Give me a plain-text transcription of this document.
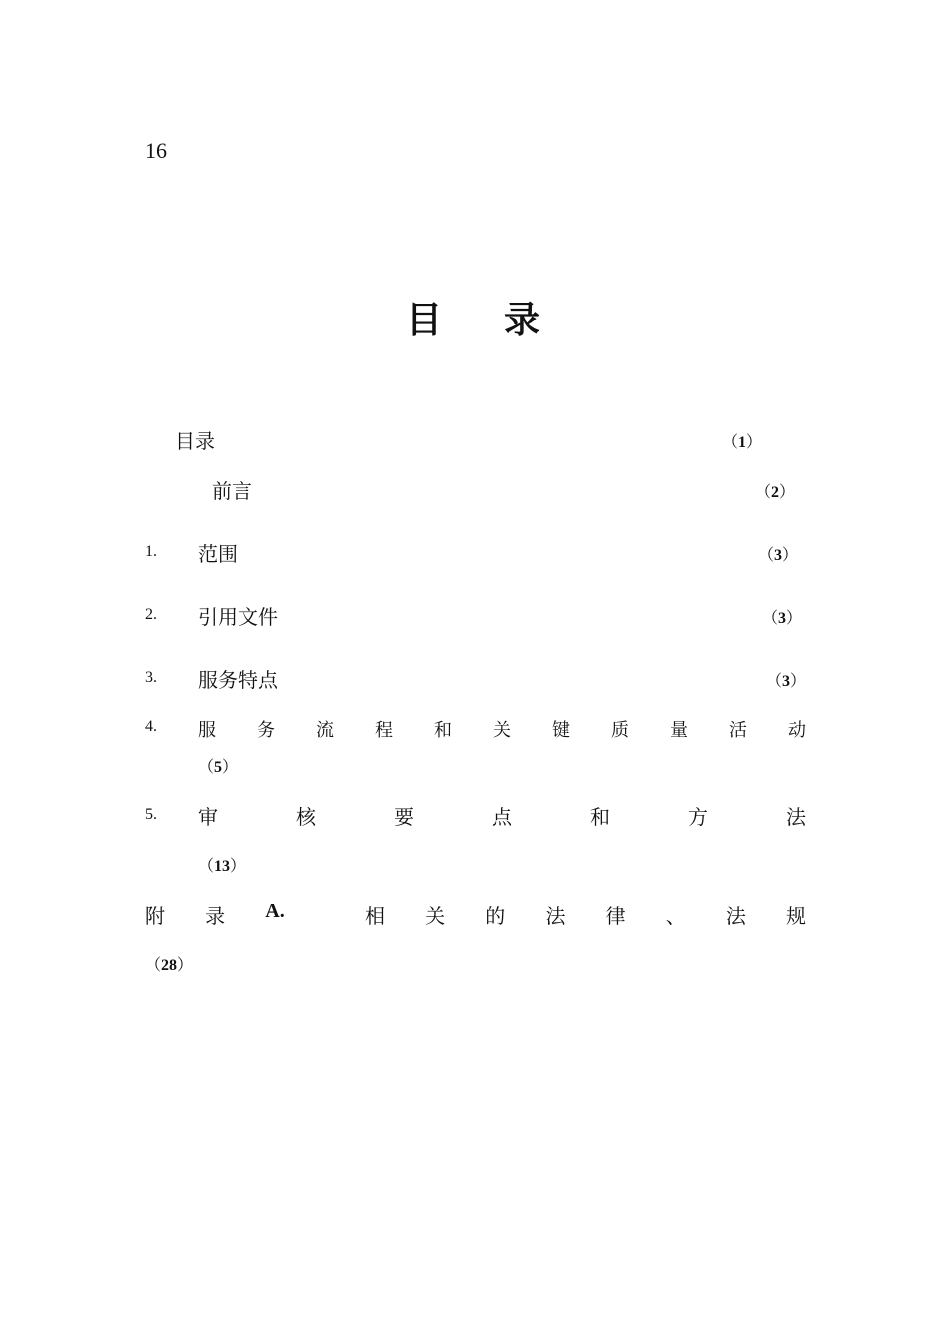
16
目录
目录	（1）
前言	（2）
1. 范围	（3）
2. 引用文件	（3）
3. 服务特点	（3）
4. 服 务 流 程 和 关 键 质 量 活 动
（5）
5. 审	核	要	点	和	方	法
（13）
附 录 A.	相 关 的 法 律 、 法 规
（28）
